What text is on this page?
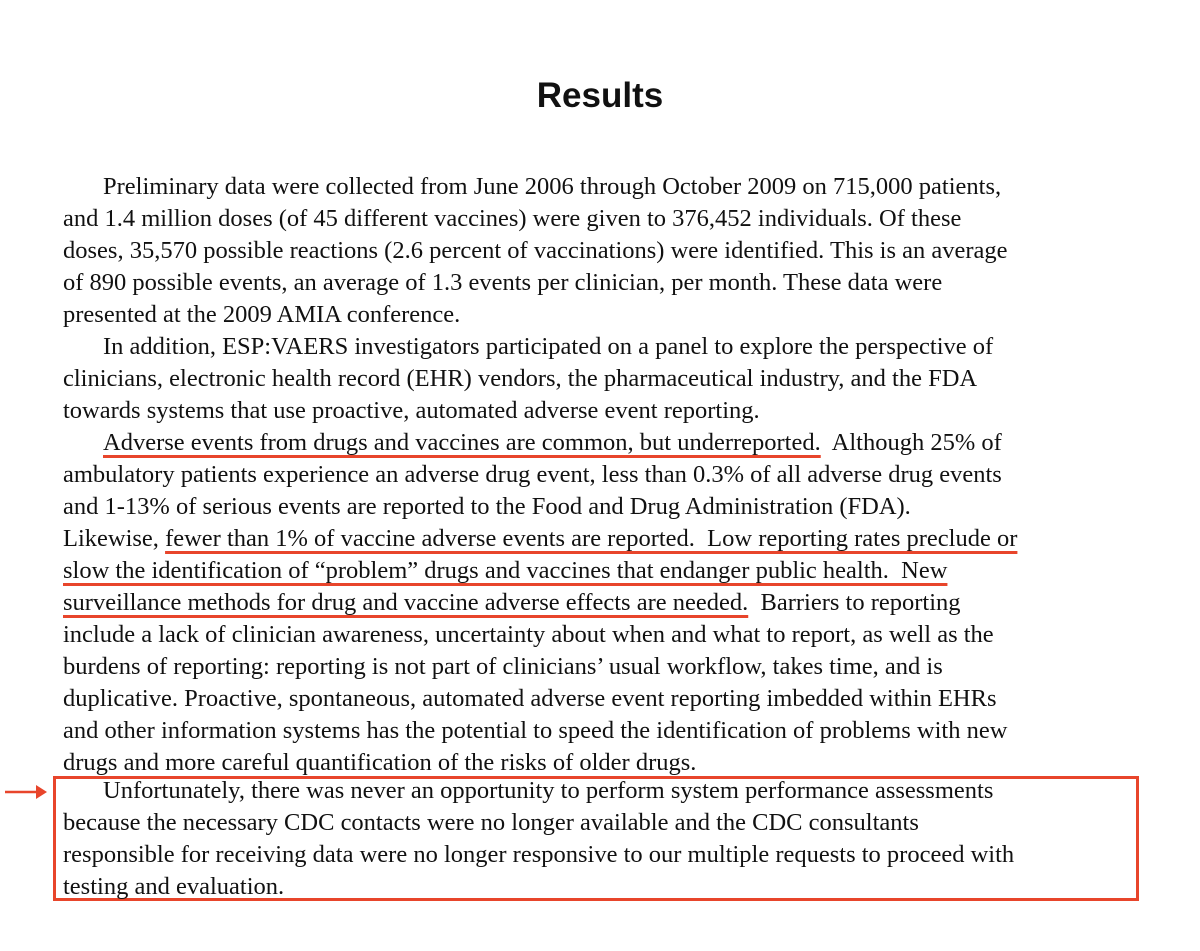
Results
Preliminary data were collected from June 2006 through October 2009 on 715,000 patients,
and 1.4 million doses (of 45 different vaccines) were given to 376,452 individuals. Of these
doses, 35,570 possible reactions (2.6 percent of vaccinations) were identified. This is an average
of 890 possible events, an average of 1.3 events per clinician, per month. These data were
presented at the 2009 AMIA conference.
In addition, ESP:VAERS investigators participated on a panel to explore the perspective of
clinicians, electronic health record (EHR) vendors, the pharmaceutical industry, and the FDA
towards systems that use proactive, automated adverse event reporting.
Adverse events from drugs and vaccines are common, but underreported.  Although 25% of
ambulatory patients experience an adverse drug event, less than 0.3% of all adverse drug events
and 1-13% of serious events are reported to the Food and Drug Administration (FDA).
Likewise, fewer than 1% of vaccine adverse events are reported.  Low reporting rates preclude or
slow the identification of “problem” drugs and vaccines that endanger public health.  New
surveillance methods for drug and vaccine adverse effects are needed.  Barriers to reporting
include a lack of clinician awareness, uncertainty about when and what to report, as well as the
burdens of reporting: reporting is not part of clinicians’ usual workflow, takes time, and is
duplicative. Proactive, spontaneous, automated adverse event reporting imbedded within EHRs
and other information systems has the potential to speed the identification of problems with new
drugs and more careful quantification of the risks of older drugs.
Unfortunately, there was never an opportunity to perform system performance assessments
because the necessary CDC contacts were no longer available and the CDC consultants
responsible for receiving data were no longer responsive to our multiple requests to proceed with
testing and evaluation.
